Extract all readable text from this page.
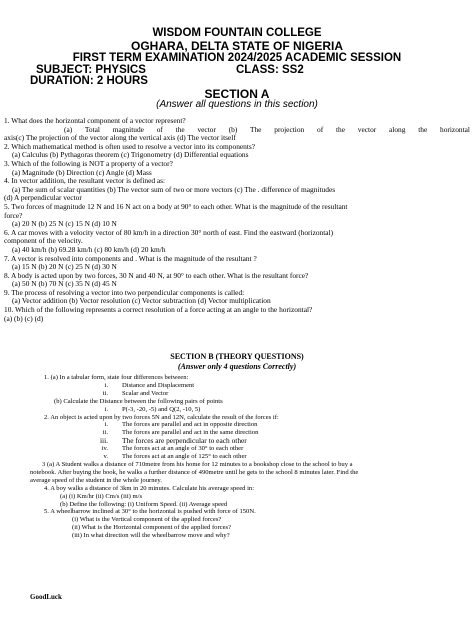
WISDOM FOUNTAIN COLLEGE
OGHARA, DELTA STATE OF NIGERIA
FIRST TERM EXAMINATION 2024/2025 ACADEMIC SESSION
SUBJECT: PHYSICS	CLASS: SS2
DURATION: 2 HOURS
SECTION A
(Answer all questions in this section)
1. What does the horizontal component of a vector represent?
(a) Total magnitude of the vector (b) The projection of the vector along the horizontal
axis(c) The projection of the vector along the vertical axis (d) The vector itself
2. Which mathematical method is often used to resolve a vector into its components?
(a) Calculus (b) Pythagoras theorem (c) Trigonometry (d) Differential equations
3. Which of the following is NOT a property of a vector?
(a) Magnitude (b) Direction (c) Angle (d) Mass
4. In vector addition, the resultant vector is defined as:
(a) The sum of scalar quantities (b) The vector sum of two or more vectors (c) The . difference of magnitudes
(d) A perpendicular vector
5. Two forces of magnitude 12 N and 16 N act on a body at 90° to each other. What is the magnitude of the resultant
force?
(a) 20 N (b) 25 N (c) 15 N (d) 10 N
6. A car moves with a velocity vector of 80 km/h in a direction 30° north of east. Find the eastward (horizontal)
component of the velocity.
(a) 40 km/h (b) 69.28 km/h (c) 80 km/h (d) 20 km/h
7. A vector is resolved into components and . What is the magnitude of the resultant ?
(a) 15 N (b) 20 N (c) 25 N (d) 30 N
8. A body is acted upon by two forces, 30 N and 40 N, at 90° to each other. What is the resultant force?
(a) 50 N (b) 70 N (c) 35 N (d) 45 N
9. The process of resolving a vector into two perpendicular components is called:
(a) Vector addition (b) Vector resolution (c) Vector subtraction (d) Vector multiplication
10. Which of the following represents a correct resolution of a force acting at an angle to the horizontal?
(a) (b) (c) (d)
SECTION B (THEORY QUESTIONS)
(Answer only 4 questions Correctly)
1. (a) In a tabular form, state four differences between:
i. Distance and Displacement
ii. Scalar and Vector
(b) Calculate the Distance between the following pairs of points
i. P(-3, -20, -5) and Q(2, -10, 5)
2. An object is acted upon by two forces 5N and 12N, calculate the result of the forces if:
i. The forces are parallel and act in opposite direction
ii. The forces are parallel and act in the same direction
iii. The forces are perpendicular to each other
iv. The forces act at an angle of 30° to each other
v. The forces act at an angle of 125° to each other
3 (a) A Student walks a distance of 710metre from his home for 12 minutes to a bookshop close to the school to buy a
notebook. After buying the book, he walks a further distance of 490metre until he gets to the school 8 minutes later. Find the
average speed of the student in the whole journey.
4. A boy walks a distance of 3km in 20 minutes. Calculate his average speed in:
(a) (i) Km/hr (ii) Cm/s (iii) m/s
(b) Define the following: (i) Uniform Speed. (ii) Average speed
5. A wheelbarrow inclined at 30° to the horizontal is pushed with force of 150N.
(i) What is the Vertical component of the applied forces?
(ii) What is the Horizontal component of the applied forces?
(iii) In what direction will the wheelbarrow move and why?
GoodLuck
